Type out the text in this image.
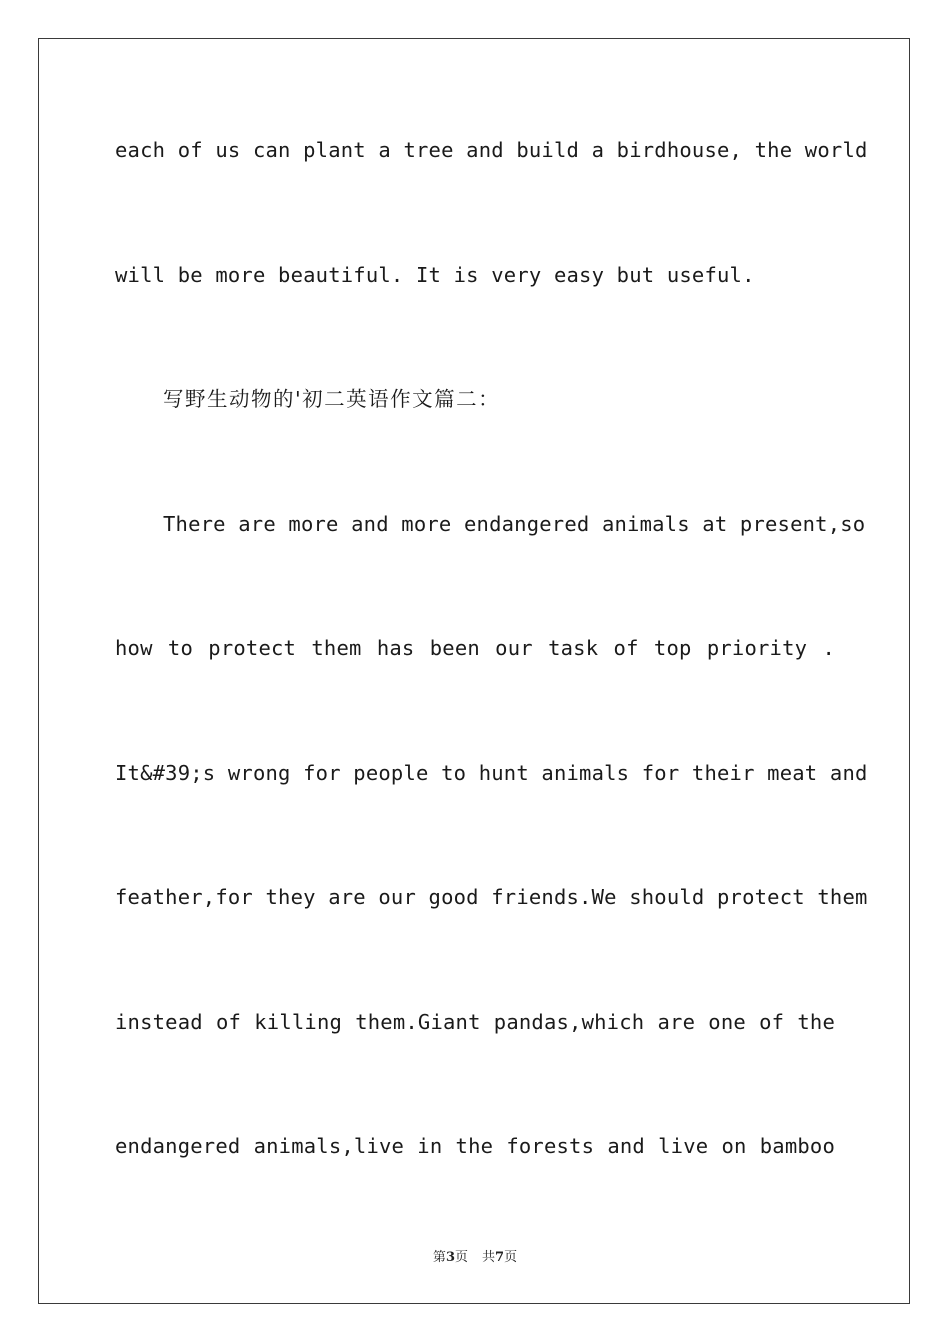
each of us can plant a tree and build a birdhouse, the world
will be more beautiful. It is very easy but useful.
写野生动物的'初二英语作文篇二：
There are more and more endangered animals at present,so
how to protect them has been our task of top priority .
It&#39;s wrong for people to hunt animals for their meat and
feather,for they are our good friends.We should protect them
instead of killing them.Giant pandas,which are one of the
endangered animals,live in the forests and live on bamboo
第3页 共7页
